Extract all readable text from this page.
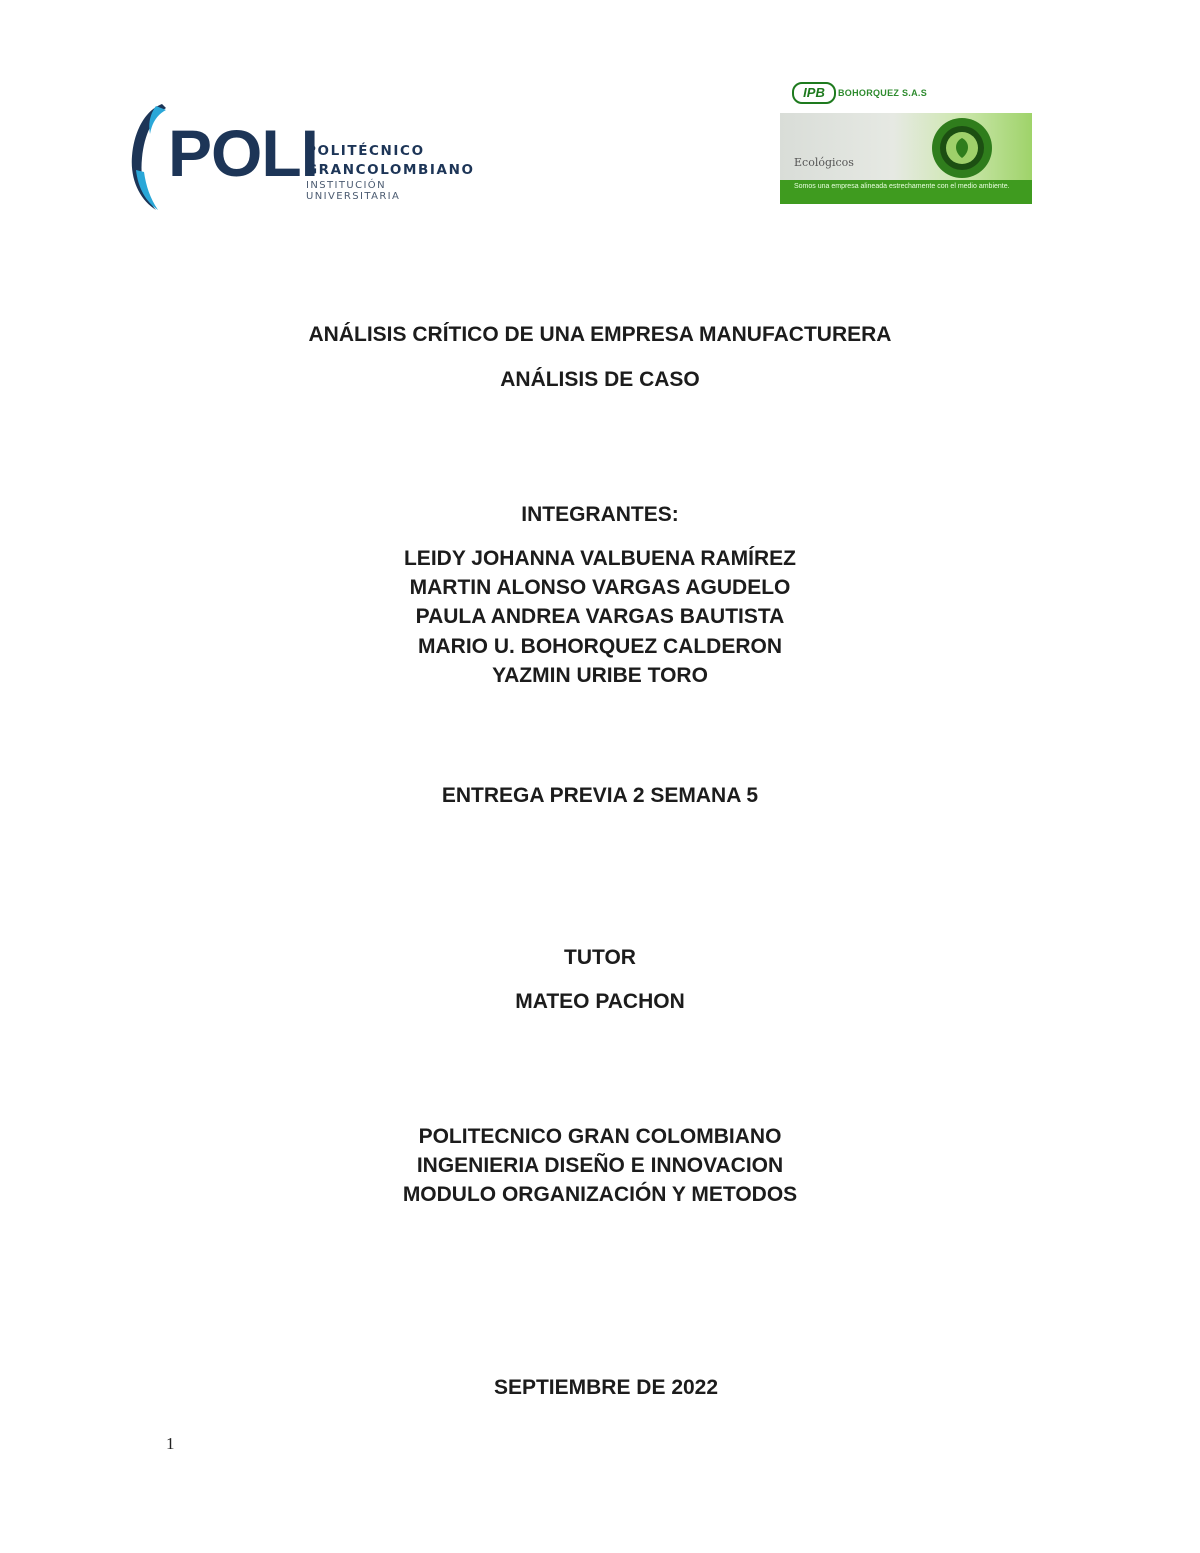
POLI
POLITÉCNICO
GRANCOLOMBIANO
INSTITUCIÓN UNIVERSITARIA
IPB	BOHORQUEZ S.A.S
Ecológicos
Somos una empresa alineada estrechamente con el medio ambiente.
ANÁLISIS CRÍTICO DE UNA EMPRESA MANUFACTURERA
ANÁLISIS DE CASO
INTEGRANTES:
LEIDY JOHANNA VALBUENA RAMÍREZ
MARTIN ALONSO VARGAS AGUDELO
PAULA ANDREA VARGAS BAUTISTA
MARIO U. BOHORQUEZ CALDERON
YAZMIN URIBE TORO
ENTREGA PREVIA 2 SEMANA 5
TUTOR
MATEO PACHON
POLITECNICO GRAN COLOMBIANO
INGENIERIA DISEÑO E INNOVACION
MODULO ORGANIZACIÓN Y METODOS
SEPTIEMBRE DE 2022
1
